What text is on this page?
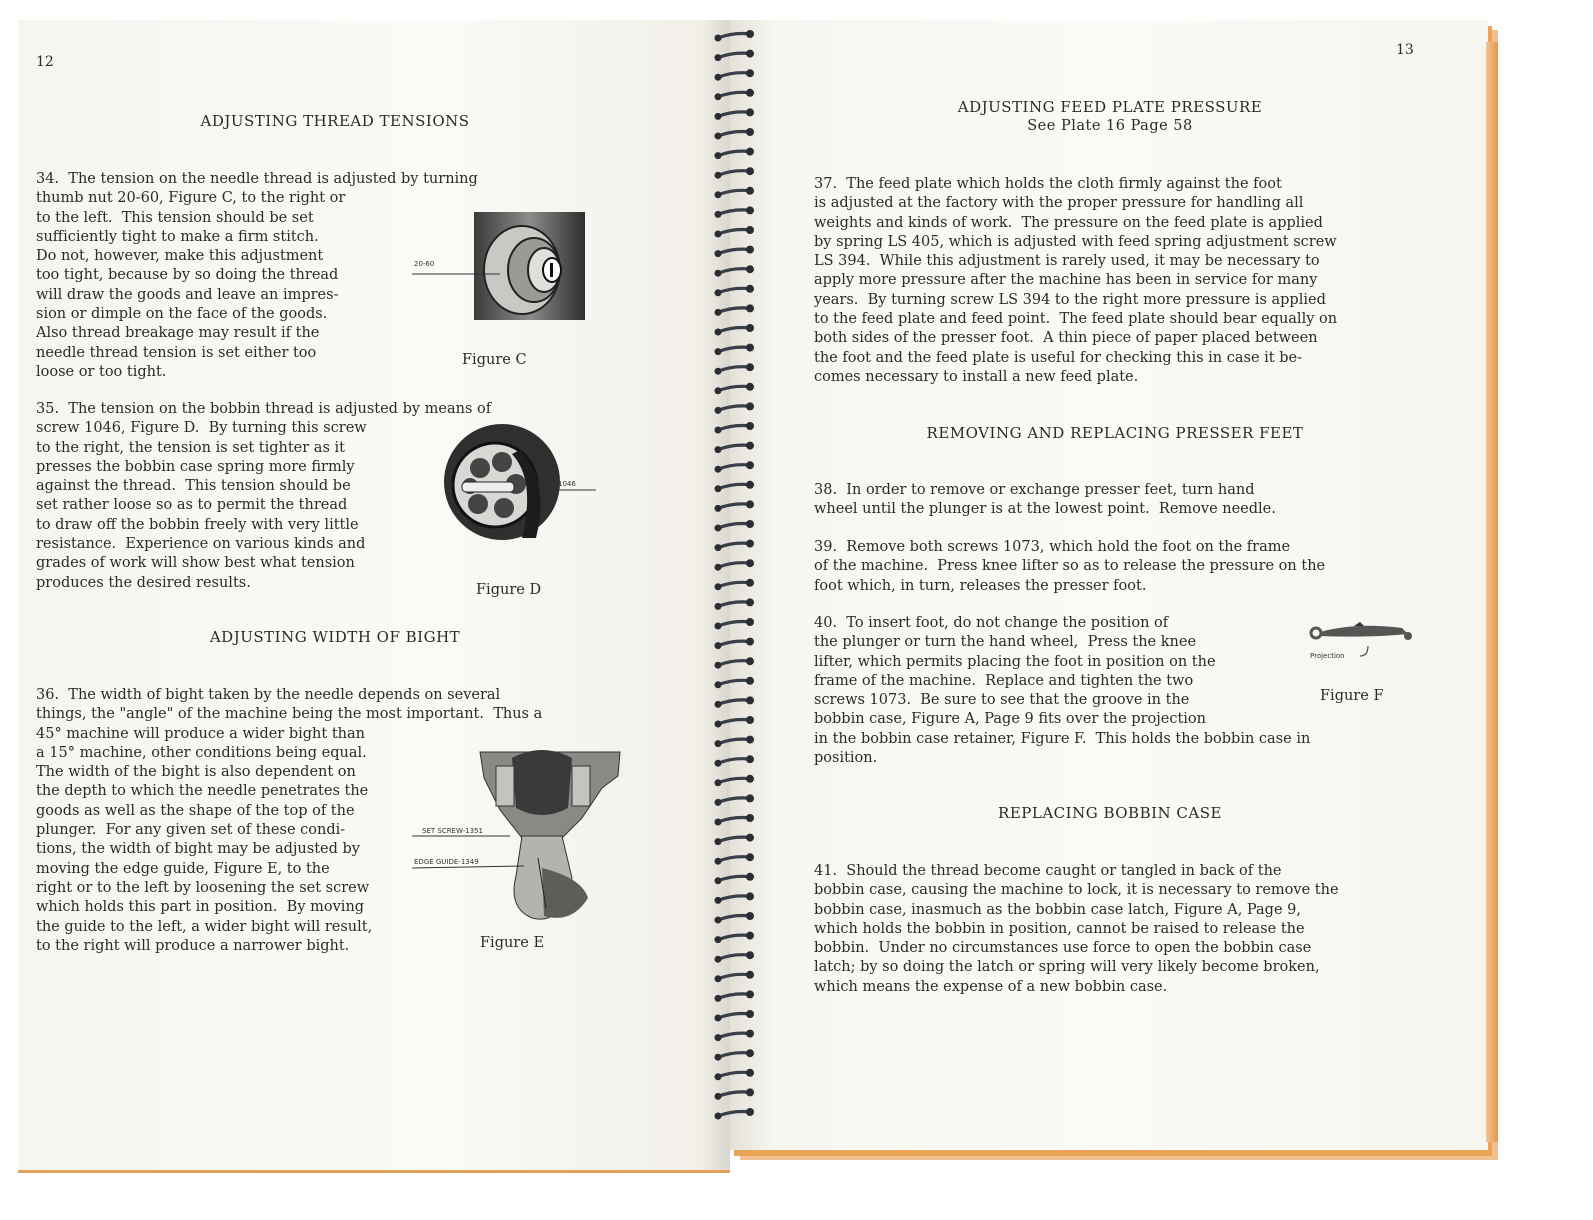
12
ADJUSTING THREAD TENSIONS
34.  The tension on the needle thread is adjusted by turning
thumb nut 20-60, Figure C, to the right or
to the left.  This tension should be set
sufficiently tight to make a firm stitch.
Do not, however, make this adjustment
too tight, because by so doing the thread
will draw the goods and leave an impres-
sion or dimple on the face of the goods.
Also thread breakage may result if the
needle thread tension is set either too
loose or too tight.
20-60
Figure C
35.  The tension on the bobbin thread is adjusted by means of
screw 1046, Figure D.  By turning this screw
to the right, the tension is set tighter as it
presses the bobbin case spring more firmly
against the thread.  This tension should be
set rather loose so as to permit the thread
to draw off the bobbin freely with very little
resistance.  Experience on various kinds and
grades of work will show best what tension
produces the desired results.
1046
Figure D
ADJUSTING WIDTH OF BIGHT
36.  The width of bight taken by the needle depends on several
things, the "angle" of the machine being the most important.  Thus a
45° machine will produce a wider bight than
a 15° machine, other conditions being equal.
The width of the bight is also dependent on
the depth to which the needle penetrates the
goods as well as the shape of the top of the
plunger.  For any given set of these condi-
tions, the width of bight may be adjusted by
moving the edge guide, Figure E, to the
right or to the left by loosening the set screw
which holds this part in position.  By moving
the guide to the left, a wider bight will result,
to the right will produce a narrower bight.
SET SCREW-1351
EDGE GUIDE-1349
Figure E
13
ADJUSTING FEED PLATE PRESSURE
See Plate 16 Page 58
37.  The feed plate which holds the cloth firmly against the foot
is adjusted at the factory with the proper pressure for handling all
weights and kinds of work.  The pressure on the feed plate is applied
by spring LS 405, which is adjusted with feed spring adjustment screw
LS 394.  While this adjustment is rarely used, it may be necessary to
apply more pressure after the machine has been in service for many
years.  By turning screw LS 394 to the right more pressure is applied
to the feed plate and feed point.  The feed plate should bear equally on
both sides of the presser foot.  A thin piece of paper placed between
the foot and the feed plate is useful for checking this in case it be-
comes necessary to install a new feed plate.
REMOVING AND REPLACING PRESSER FEET
38.  In order to remove or exchange presser feet, turn hand
wheel until the plunger is at the lowest point.  Remove needle.
39.  Remove both screws 1073, which hold the foot on the frame
of the machine.  Press knee lifter so as to release the pressure on the
foot which, in turn, releases the presser foot.
40.  To insert foot, do not change the position of
the plunger or turn the hand wheel,  Press the knee
lifter, which permits placing the foot in position on the
frame of the machine.  Replace and tighten the two
screws 1073.  Be sure to see that the groove in the
bobbin case, Figure A, Page 9 fits over the projection
in the bobbin case retainer, Figure F.  This holds the bobbin case in
position.
Projection
Figure F
REPLACING BOBBIN CASE
41.  Should the thread become caught or tangled in back of the
bobbin case, causing the machine to lock, it is necessary to remove the
bobbin case, inasmuch as the bobbin case latch, Figure A, Page 9,
which holds the bobbin in position, cannot be raised to release the
bobbin.  Under no circumstances use force to open the bobbin case
latch; by so doing the latch or spring will very likely become broken,
which means the expense of a new bobbin case.
